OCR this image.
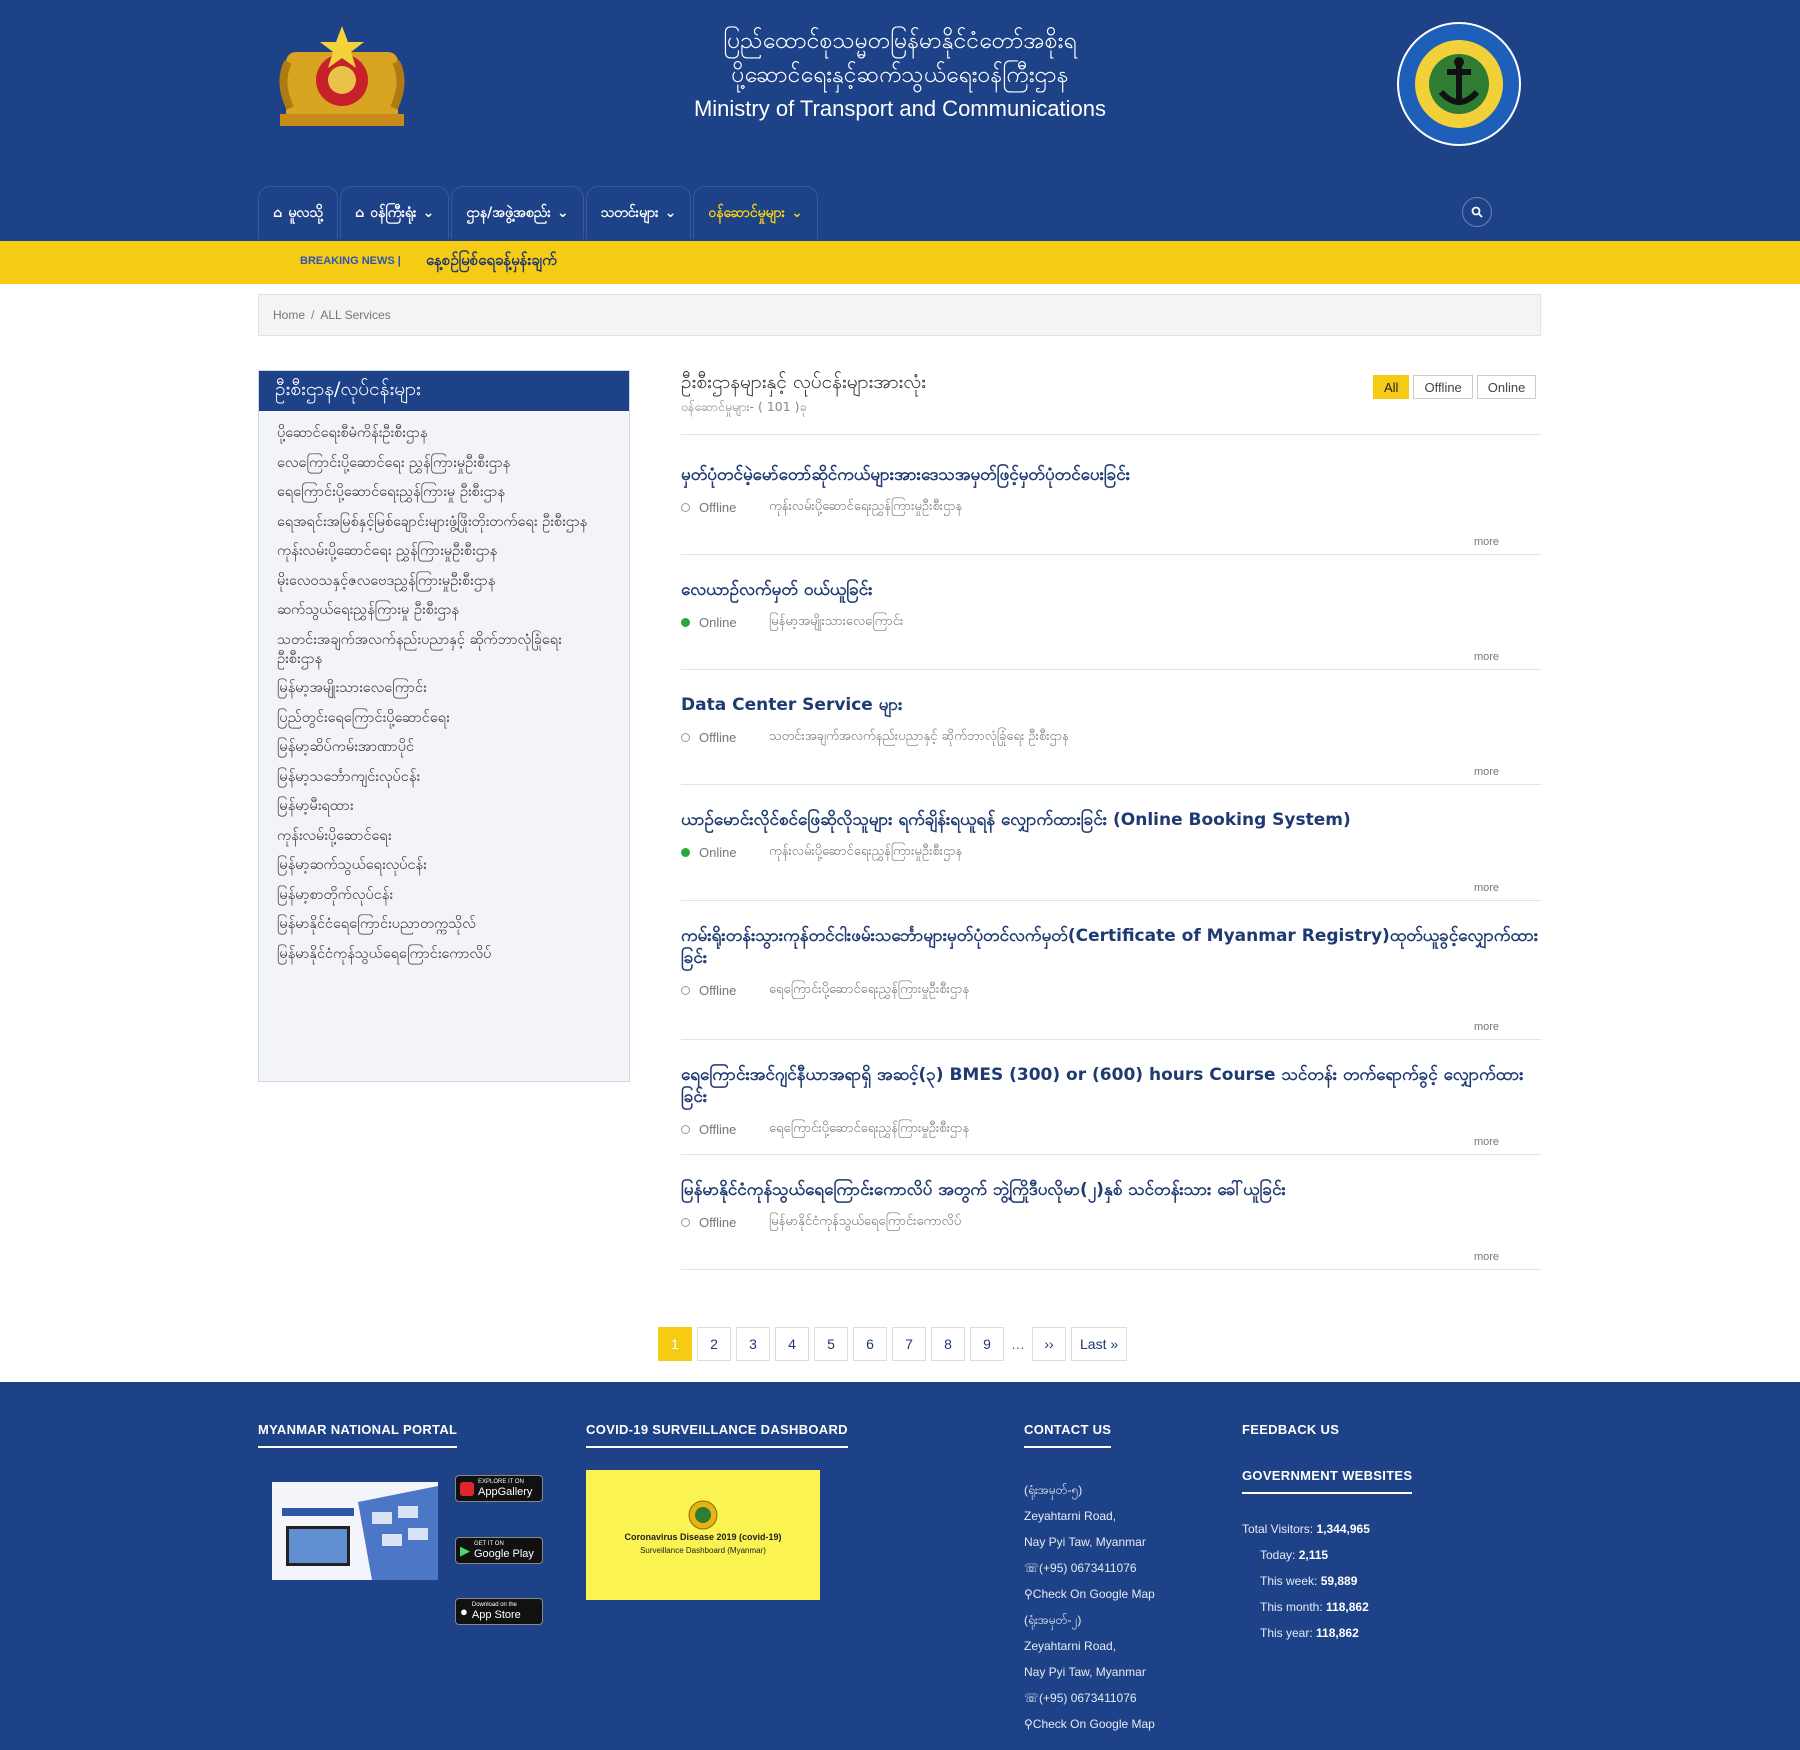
ပြည်ထောင်စုသမ္မတမြန်မာနိုင်ငံတော်အစိုးရ
ပို့ဆောင်ရေးနှင့်ဆက်သွယ်ရေးဝန်ကြီးဌာန
Ministry of Transport and Communications
⌂ မူလသို့ ⌂ ဝန်ကြီးရုံး ⌄ ဌာန/အဖွဲ့အစည်း ⌄ သတင်းများ ⌄ ဝန်ဆောင်မှုများ ⌄
BREAKING NEWS | နေ့စဉ်မြစ်ရေခန့်မှန်းချက်
Home / ALL Services
ဦးစီးဌာန/လုပ်ငန်းများ
ပို့ဆောင်ရေးစီမံကိန်းဦးစီးဌာန
လေကြောင်းပို့ဆောင်ရေး ညွှန်ကြားမှုဦးစီးဌာန
ရေကြောင်းပို့ဆောင်ရေးညွှန်ကြားမှု ဦးစီးဌာန
ရေအရင်းအမြစ်နှင့်မြစ်ချောင်းများဖွံ့ဖြိုးတိုးတက်ရေး ဦးစီးဌာန
ကုန်းလမ်းပို့ဆောင်ရေး ညွှန်ကြားမှုဦးစီးဌာန
မိုးလေဝသနှင့်ဇလဗေဒညွှန်ကြားမှုဦးစီးဌာန
ဆက်သွယ်ရေးညွှန်ကြားမှု ဦးစီးဌာန
သတင်းအချက်အလက်နည်းပညာနှင့် ဆိုက်ဘာလုံခြုံရေး ဦးစီးဌာန
မြန်မာ့အမျိုးသားလေကြောင်း
ပြည်တွင်းရေကြောင်းပို့ဆောင်ရေး
မြန်မာ့ဆိပ်ကမ်းအာဏာပိုင်
မြန်မာ့သင်္ဘောကျင်းလုပ်ငန်း
မြန်မာ့မီးရထား
ကုန်းလမ်းပို့ဆောင်ရေး
မြန်မာ့ဆက်သွယ်ရေးလုပ်ငန်း
မြန်မာ့စာတိုက်လုပ်ငန်း
မြန်မာနိုင်ငံရေကြောင်းပညာတက္ကသိုလ်
မြန်မာနိုင်ငံကုန်သွယ်ရေကြောင်းကောလိပ်
ဦးစီးဌာနများနှင့် လုပ်ငန်းများအားလုံး
ဝန်ဆောင်မှုများ- ( 101 )ခု
All	Offline	Online
မှတ်ပုံတင်မဲ့မော်တော်ဆိုင်ကယ်များအားဒေသအမှတ်ဖြင့်မှတ်ပုံတင်ပေးခြင်း
Offline	ကုန်းလမ်းပို့ဆောင်ရေးညွှန်ကြားမှုဦးစီးဌာန
more
လေယာဉ်လက်မှတ် ဝယ်ယူခြင်း
Online	မြန်မာ့အမျိုးသားလေကြောင်း
more
Data Center Service များ
Offline	သတင်းအချက်အလက်နည်းပညာနှင့် ဆိုက်ဘာလုံခြုံရေး ဦးစီးဌာန
more
ယာဉ်မောင်းလိုင်စင်ဖြေဆိုလိုသူများ ရက်ချိန်းရယူရန် လျှောက်ထားခြင်း (Online Booking System)
Online	ကုန်းလမ်းပို့ဆောင်ရေးညွှန်ကြားမှုဦးစီးဌာန
more
ကမ်းရိုးတန်းသွားကုန်တင်ငါးဖမ်းသင်္ဘောများမှတ်ပုံတင်လက်မှတ်(Certificate of Myanmar Registry)ထုတ်ယူခွင့်လျှောက်ထားခြင်း
Offline	ရေကြောင်းပို့ဆောင်ရေးညွှန်ကြားမှုဦးစီးဌာန
more
ရေကြောင်းအင်ဂျင်နီယာအရာရှိ အဆင့်(၃) BMES (300) or (600) hours Course သင်တန်း တက်ရောက်ခွင့် လျှောက်ထားခြင်း
Offline	ရေကြောင်းပို့ဆောင်ရေးညွှန်ကြားမှုဦးစီးဌာန
more
မြန်မာနိုင်ငံကုန်သွယ်ရေကြောင်းကောလိပ် အတွက် ဘွဲ့ကြိုဒီပလိုမာ(၂)နှစ် သင်တန်းသား ခေါ်ယူခြင်း
Offline	မြန်မာနိုင်ငံကုန်သွယ်ရေကြောင်းကောလိပ်
more
1	2	3	4	5	6	7	8	9	…	››	Last »
MYANMAR NATIONAL PORTAL
EXPLORE IT ON
AppGallery
▶ GET IT ON
Google Play
● Download on the
App Store
COVID-19 SURVEILLANCE DASHBOARD
Coronavirus Disease 2019 (covid-19)
Surveillance Dashboard (Myanmar)
CONTACT US
(ရုံးအမှတ်-၅)
Zeyahtarni Road,
Nay Pyi Taw, Myanmar
☏(+95) 0673411076
⚲Check On Google Map
(ရုံးအမှတ်-၂)
Zeyahtarni Road,
Nay Pyi Taw, Myanmar
☏(+95) 0673411076
⚲Check On Google Map
FEEDBACK US
GOVERNMENT WEBSITES
Total Visitors: 1,344,965
Today: 2,115
This week: 59,889
This month: 118,862
This year: 118,862
